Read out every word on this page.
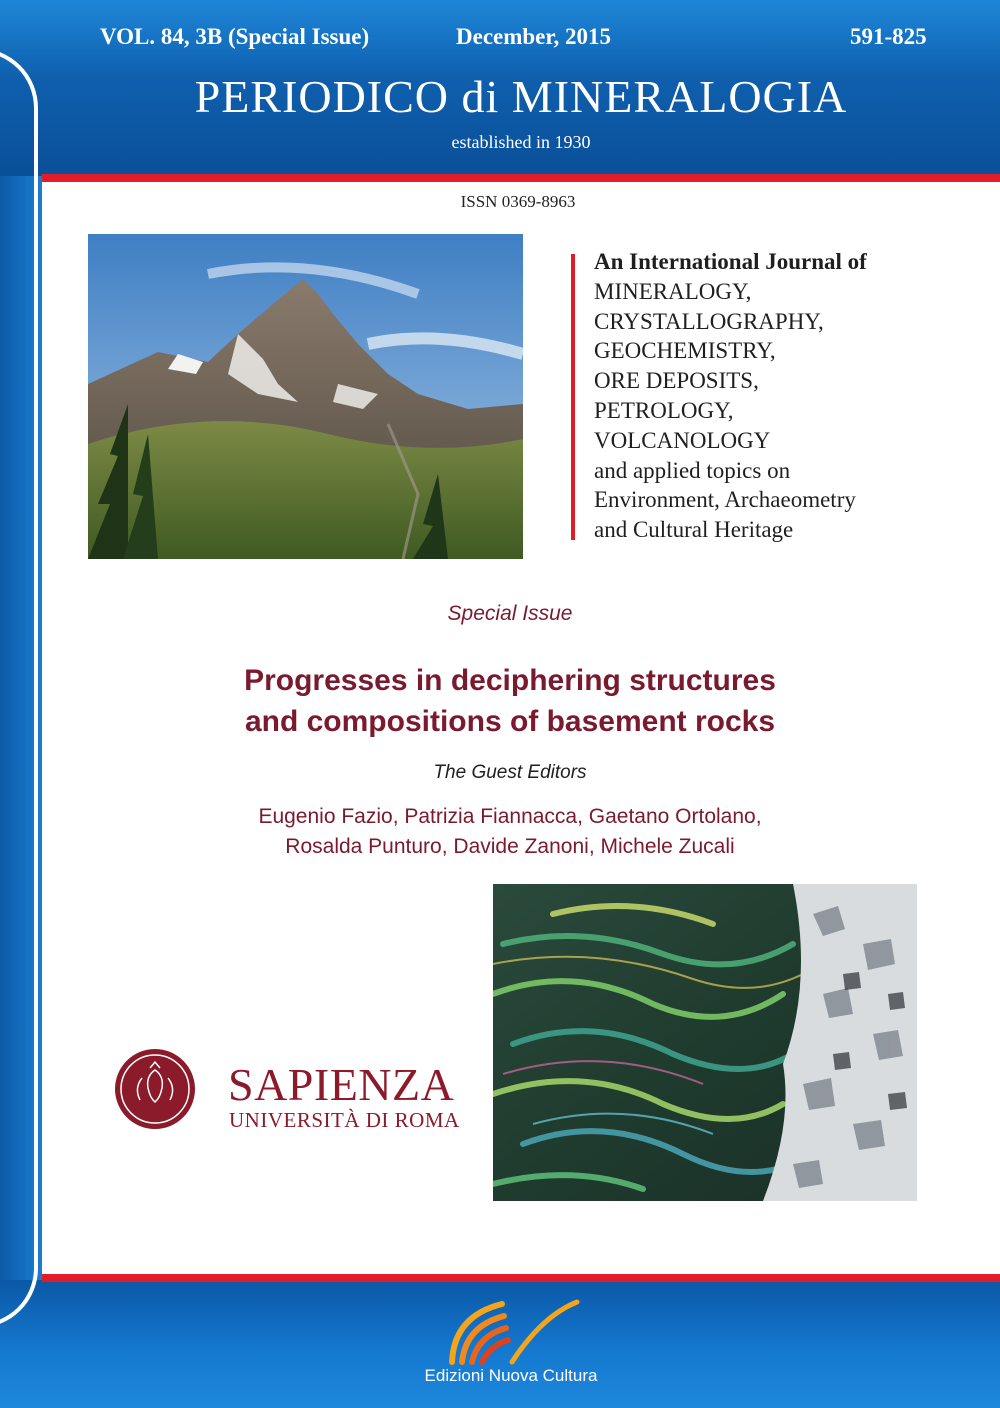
VOL. 84, 3B (Special Issue)	December, 2015	591-825
PERIODICO di MINERALOGIA
established in 1930
ISSN 0369-8963
An International Journal of
MINERALOGY,
CRYSTALLOGRAPHY,
GEOCHEMISTRY,
ORE DEPOSITS,
PETROLOGY,
VOLCANOLOGY
and applied topics on
Environment, Archaeometry
and Cultural Heritage
Special Issue
Progresses in deciphering structures
and compositions of basement rocks
The Guest Editors
Eugenio Fazio, Patrizia Fiannacca, Gaetano Ortolano,
Rosalda Punturo, Davide Zanoni, Michele Zucali
SAPIENZA
UNIVERSITÀ DI ROMA
Edizioni Nuova Cultura
